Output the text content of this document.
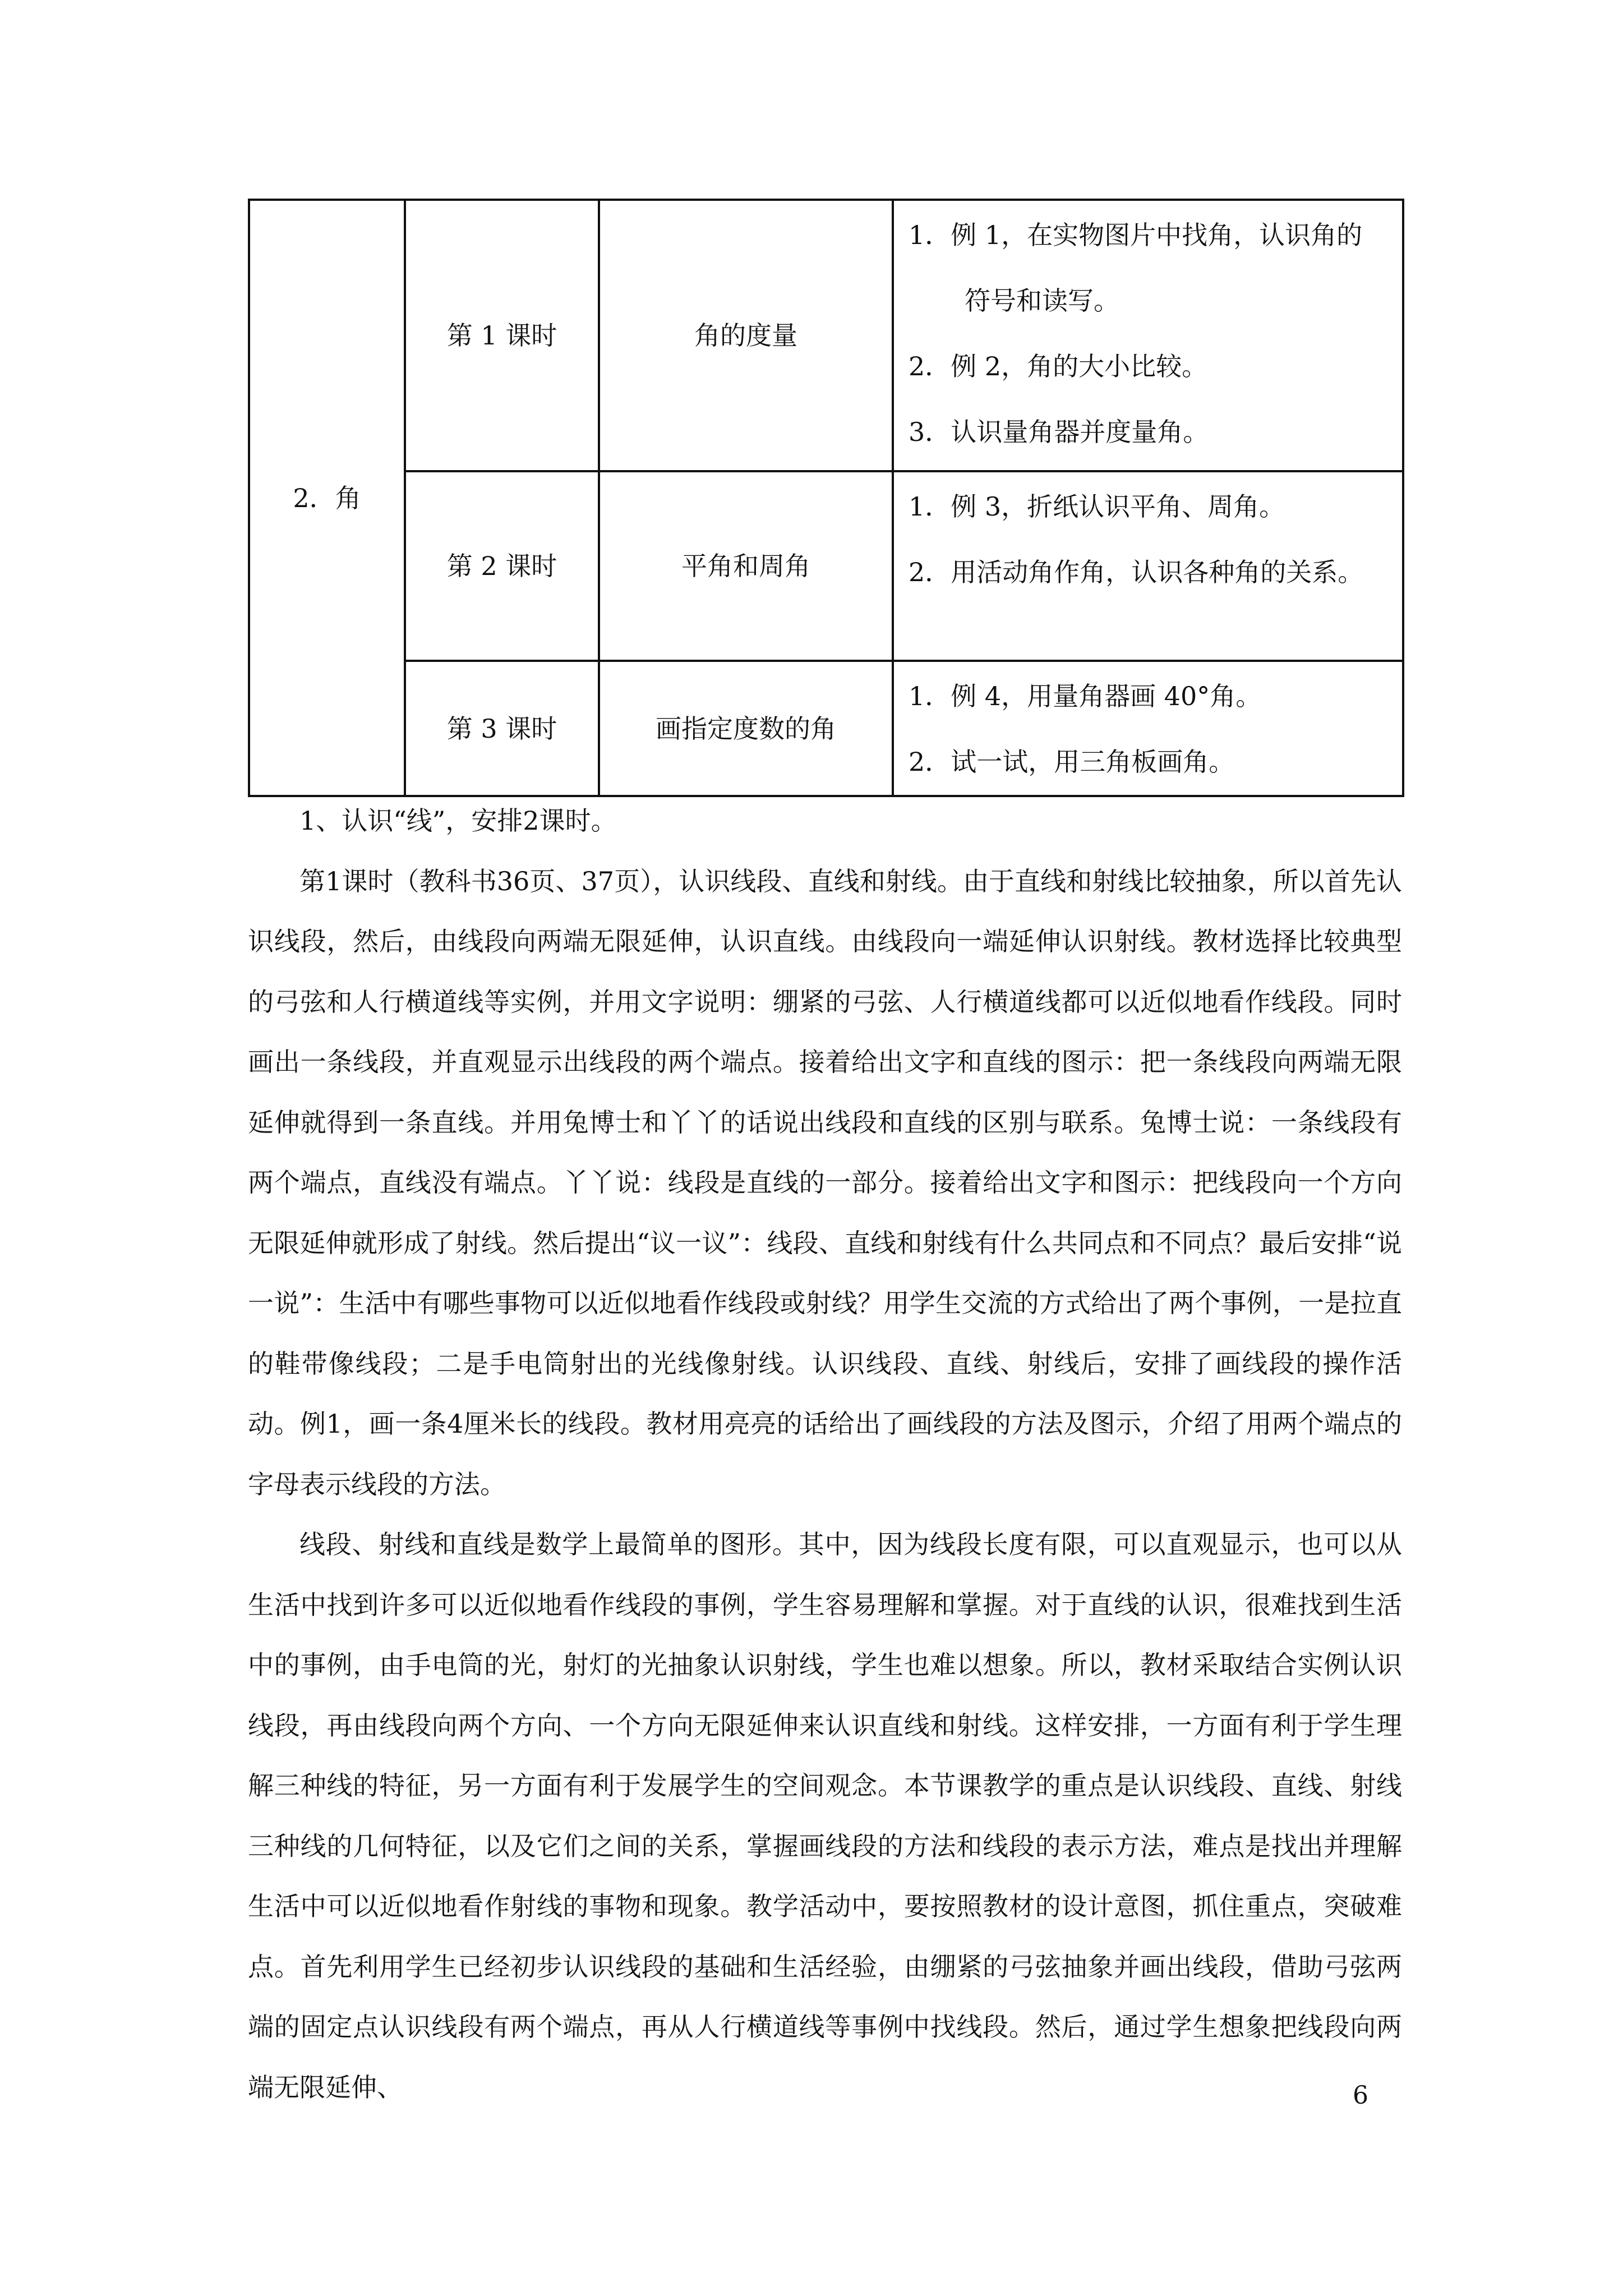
2．角	第 1 课时	角的度量	1．例 1，在实物图片中找角，认识角的
符号和读写。
2．例 2，角的大小比较。
3．认识量角器并度量角。

	第 2 课时	平角和周角	1．例 3，折纸认识平角、周角。
2．用活动角作角，认识各种角的关系。

	第 3 课时	画指定度数的角	1．例 4，用量角器画 40°角。
2．试一试，用三角板画角。

1、认识“线”，安排2课时。

第1课时（教科书36页、37页），认识线段、直线和射线。由于直线和射线比较抽象，所以首先认识线段，然后，由线段向两端无限延伸，认识直线。由线段向一端延伸认识射线。教材选择比较典型的弓弦和人行横道线等实例，并用文字说明：绷紧的弓弦、人行横道线都可以近似地看作线段。同时画出一条线段，并直观显示出线段的两个端点。接着给出文字和直线的图示：把一条线段向两端无限延伸就得到一条直线。并用兔博士和丫丫的话说出线段和直线的区别与联系。兔博士说：一条线段有两个端点，直线没有端点。丫丫说：线段是直线的一部分。接着给出文字和图示：把线段向一个方向无限延伸就形成了射线。然后提出“议一议”：线段、直线和射线有什么共同点和不同点？最后安排“说一说”：生活中有哪些事物可以近似地看作线段或射线？用学生交流的方式给出了两个事例，一是拉直的鞋带像线段；二是手电筒射出的光线像射线。认识线段、直线、射线后，安排了画线段的操作活动。例1，画一条4厘米长的线段。教材用亮亮的话给出了画线段的方法及图示，介绍了用两个端点的字母表示线段的方法。

线段、射线和直线是数学上最简单的图形。其中，因为线段长度有限，可以直观显示，也可以从生活中找到许多可以近似地看作线段的事例，学生容易理解和掌握。对于直线的认识，很难找到生活中的事例，由手电筒的光，射灯的光抽象认识射线，学生也难以想象。所以，教材采取结合实例认识线段，再由线段向两个方向、一个方向无限延伸来认识直线和射线。这样安排，一方面有利于学生理解三种线的特征，另一方面有利于发展学生的空间观念。本节课教学的重点是认识线段、直线、射线三种线的几何特征，以及它们之间的关系，掌握画线段的方法和线段的表示方法，难点是找出并理解生活中可以近似地看作射线的事物和现象。教学活动中，要按照教材的设计意图，抓住重点，突破难点。首先利用学生已经初步认识线段的基础和生活经验，由绷紧的弓弦抽象并画出线段，借助弓弦两端的固定点认识线段有两个端点，再从人行横道线等事例中找线段。然后，通过学生想象把线段向两端无限延伸、	6
